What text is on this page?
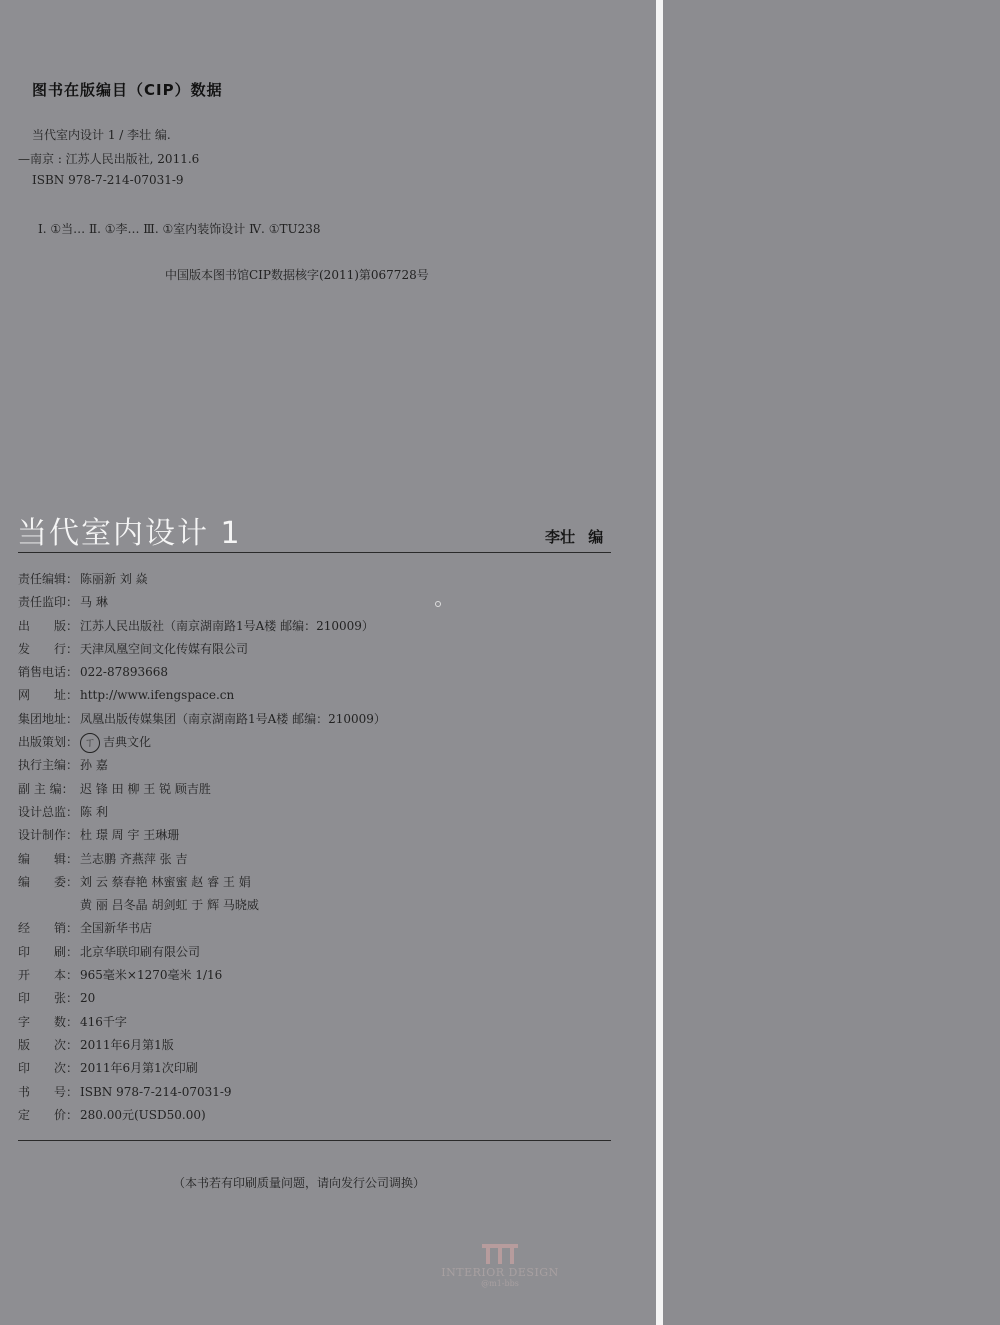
图书在版编目（CIP）数据
当代室内设计 1 / 李壮 编.
—南京 : 江苏人民出版社, 2011.6
ISBN 978-7-214-07031-9
Ⅰ. ①当… Ⅱ. ①李… Ⅲ. ①室内装饰设计 Ⅳ. ①TU238
中国版本图书馆CIP数据核字(2011)第067728号
当代室内设计 1	李壮 编
责任编辑： 陈丽新 刘 焱
责任监印： 马 琳
出　　版： 江苏人民出版社（南京湖南路1号A楼 邮编：210009）
发　　行： 天津凤凰空间文化传媒有限公司
销售电话： 022-87893668
网　　址： http://www.ifengspace.cn
集团地址： 凤凰出版传媒集团（南京湖南路1号A楼 邮编：210009）
出版策划： ㄒ 吉典文化
执行主编： 孙 嘉
副 主 编： 迟 锋 田 柳 王 锐 顾吉胜
设计总监： 陈 利
设计制作： 杜 璟 周 宇 王琳珊
编　　辑： 兰志鹏 齐燕萍 张 吉
编　　委： 刘 云 蔡春艳 林蜜蜜 赵 睿 王 娟
黄 丽 吕冬晶 胡剑虹 于 辉 马晓威
经　　销： 全国新华书店
印　　刷： 北京华联印刷有限公司
开　　本： 965毫米×1270毫米 1/16
印　　张： 20
字　　数： 416千字
版　　次： 2011年6月第1版
印　　次： 2011年6月第1次印刷
书　　号： ISBN 978-7-214-07031-9
定　　价： 280.00元(USD50.00)
（本书若有印刷质量问题，请向发行公司调换）
INTERIOR DESIGN
@m1-bbs
